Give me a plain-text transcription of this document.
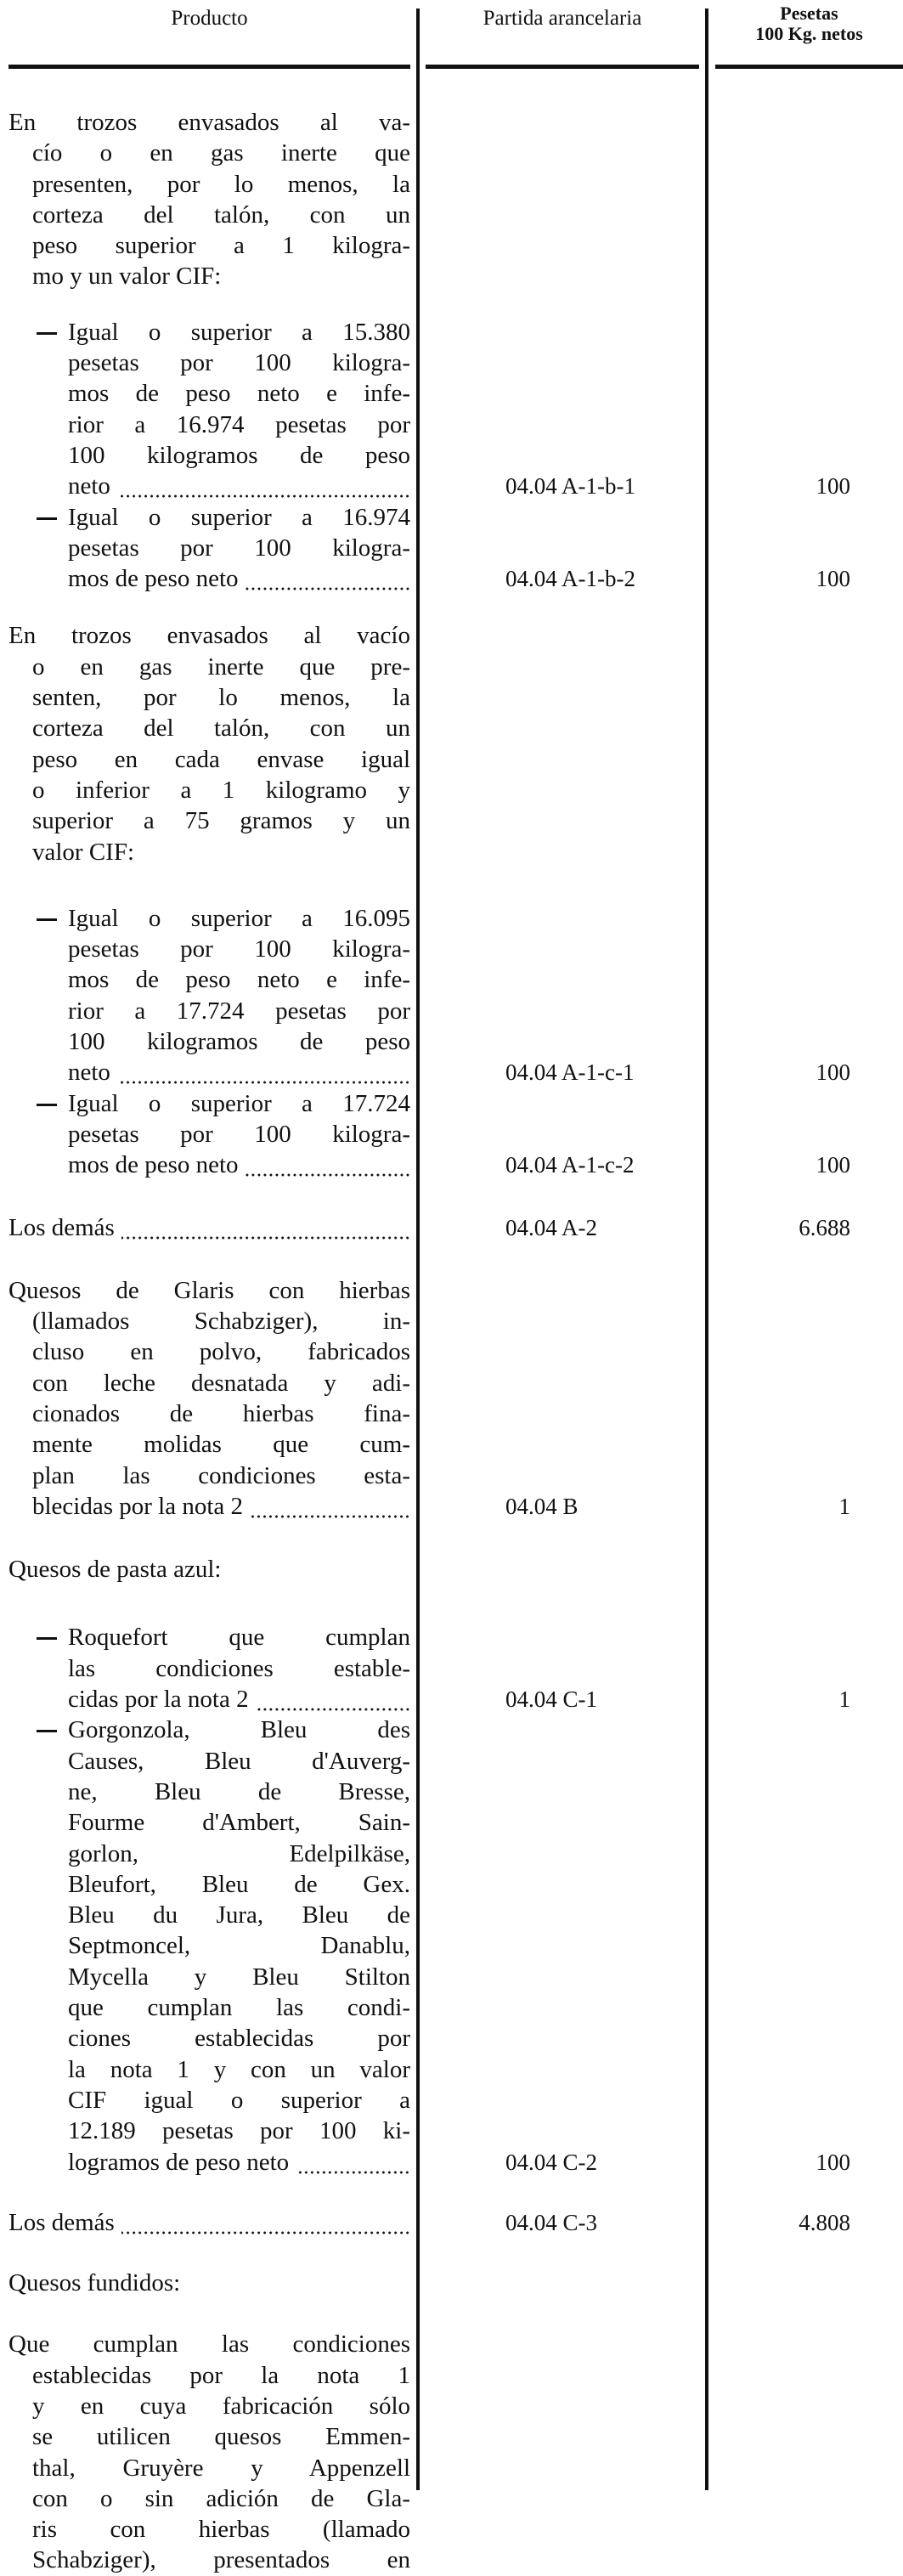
Producto	Partida arancelaria	Pesetas
100 Kg. netos
En trozos envasados al va-
cío o en gas inerte que
presenten, por lo menos, la
corteza del talón, con un
peso superior a 1 kilogra-
mo y un valor CIF:
Igual o superior a 15.380
pesetas por 100 kilogra-
mos de peso neto e infe-
rior a 16.974 pesetas por
100 kilogramos de peso
neto	04.04 A-1-b-1	100
Igual o superior a 16.974
pesetas por 100 kilogra-
mos de peso neto	04.04 A-1-b-2	100
En trozos envasados al vacío
o en gas inerte que pre-
senten, por lo menos, la
corteza del talón, con un
peso en cada envase igual
o inferior a 1 kilogramo y
superior a 75 gramos y un
valor CIF:
Igual o superior a 16.095
pesetas por 100 kilogra-
mos de peso neto e infe-
rior a 17.724 pesetas por
100 kilogramos de peso
neto	04.04 A-1-c-1	100
Igual o superior a 17.724
pesetas por 100 kilogra-
mos de peso neto	04.04 A-1-c-2	100
Los demás	04.04 A-2	6.688
Quesos de Glaris con hierbas
(llamados Schabziger), in-
cluso en polvo, fabricados
con leche desnatada y adi-
cionados de hierbas fina-
mente molidas que cum-
plan las condiciones esta-
blecidas por la nota 2	04.04 B	1
Quesos de pasta azul:
Roquefort que cumplan
las condiciones estable-
cidas por la nota 2	04.04 C-1	1
Gorgonzola, Bleu des
Causes, Bleu d'Auverg-
ne, Bleu de Bresse,
Fourme d'Ambert, Sain-
gorlon, Edelpilkäse,
Bleufort, Bleu de Gex.
Bleu du Jura, Bleu de
Septmoncel, Danablu,
Mycella y Bleu Stilton
que cumplan las condi-
ciones establecidas por
la nota 1 y con un valor
CIF igual o superior a
12.189 pesetas por 100 ki-
logramos de peso neto	04.04 C-2	100
Los demás	04.04 C-3	4.808
Quesos fundidos:
Que cumplan las condiciones
establecidas por la nota 1
y en cuya fabricación sólo
se utilicen quesos Emmen-
thal, Gruyère y Appenzell
con o sin adición de Gla-
ris con hierbas (llamado
Schabziger), presentados en
